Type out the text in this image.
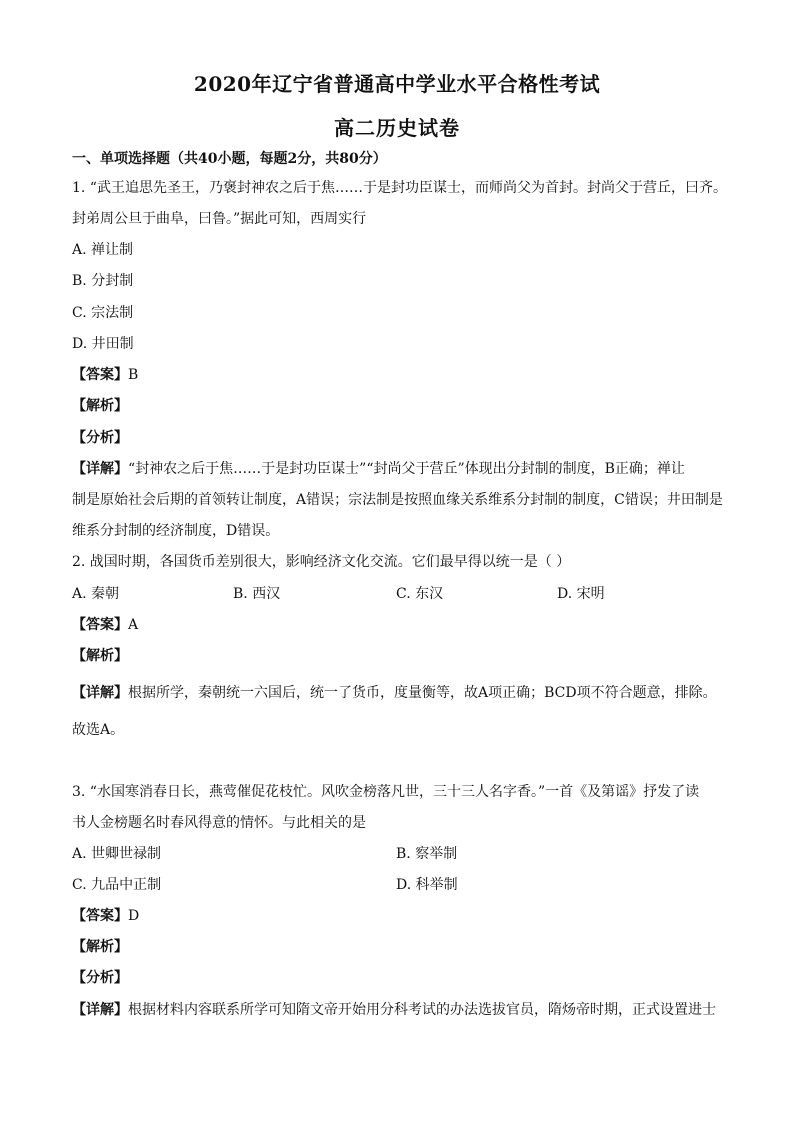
2020年辽宁省普通高中学业水平合格性考试
高二历史试卷
一、单项选择题（共40小题，每题2分，共80分）
1. “武王追思先圣王，乃褒封神农之后于焦……于是封功臣谋士，而师尚父为首封。封尚父于营丘，曰齐。
封弟周公旦于曲阜，曰鲁。”据此可知，西周实行
A. 禅让制
B. 分封制
C. 宗法制
D. 井田制
【答案】B
【解析】
【分析】
【详解】“封神农之后于焦……于是封功臣谋士”“封尚父于营丘”体现出分封制的制度，B正确；禅让
制是原始社会后期的首领转让制度，A错误；宗法制是按照血缘关系维系分封制的制度，C错误；井田制是
维系分封制的经济制度，D错误。
2. 战国时期，各国货币差别很大，影响经济文化交流。它们最早得以统一是（ ）
A. 秦朝	B. 西汉	C. 东汉	D. 宋明
【答案】A
【解析】
【详解】根据所学，秦朝统一六国后，统一了货币，度量衡等，故A项正确；BCD项不符合题意，排除。
故选A。
3. “水国寒消春日长，燕莺催促花枝忙。风吹金榜落凡世，三十三人名字香。”一首《及第谣》抒发了读
书人金榜题名时春风得意的情怀。与此相关的是
A. 世卿世禄制	B. 察举制
C. 九品中正制	D. 科举制
【答案】D
【解析】
【分析】
【详解】根据材料内容联系所学可知隋文帝开始用分科考试的办法选拔官员，隋炀帝时期，正式设置进士
